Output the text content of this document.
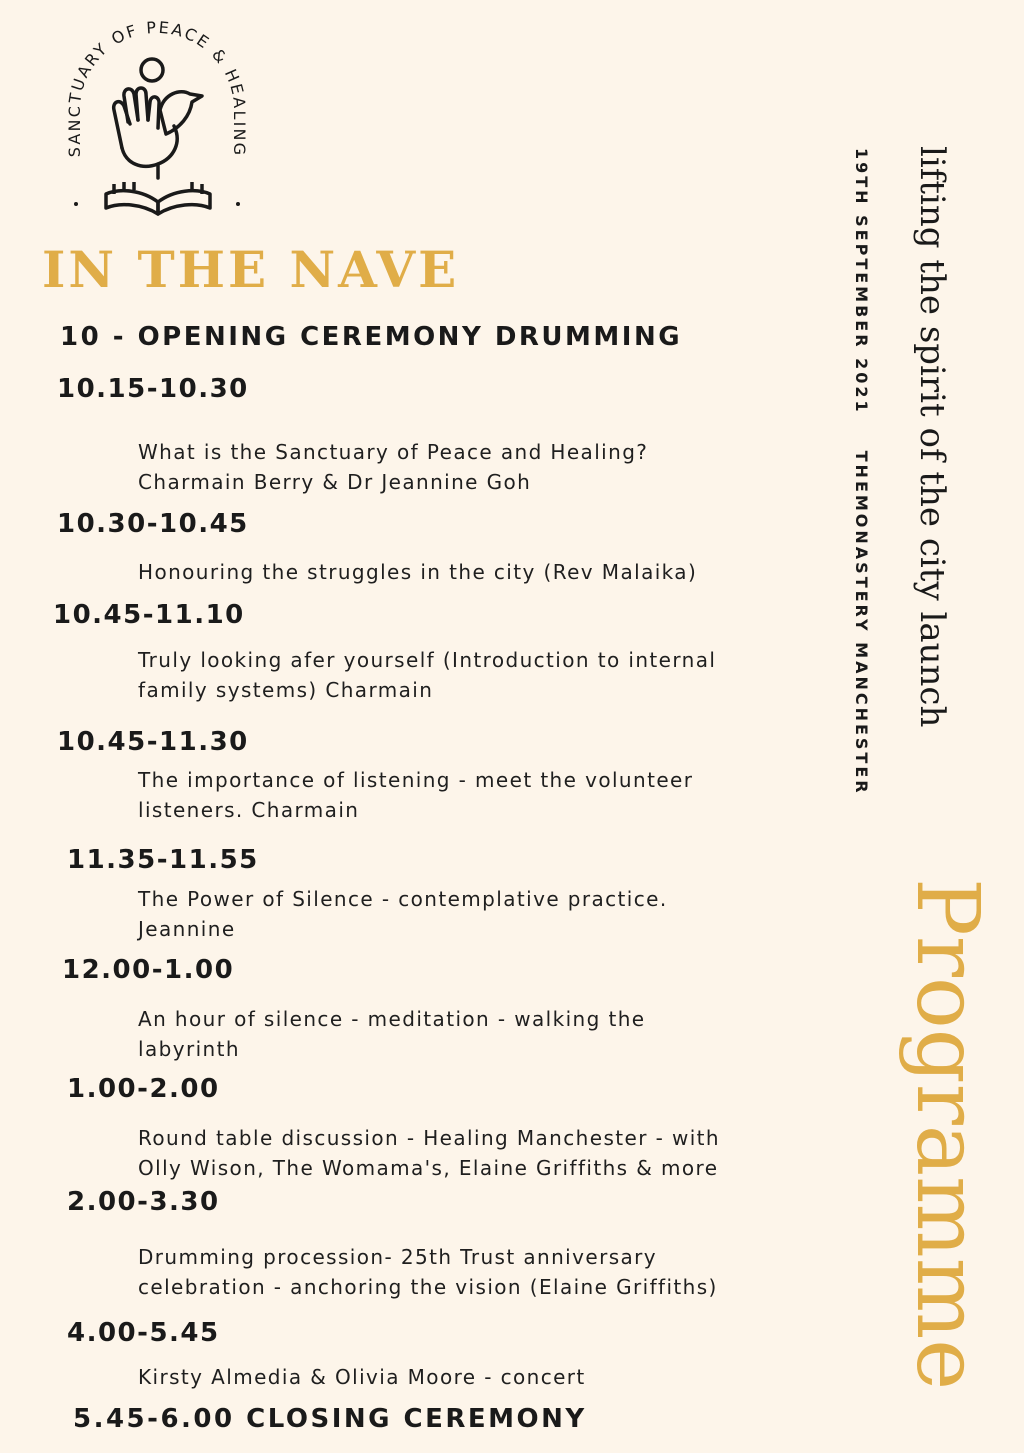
SANCTUARY OF PEACE & HEALING
IN THE NAVE
10 - OPENING CEREMONY DRUMMING
10.15-10.30
What is the Sanctuary of Peace and Healing?
Charmain Berry & Dr Jeannine Goh
10.30-10.45
Honouring the struggles in the city (Rev Malaika)
10.45-11.10
Truly looking afer yourself (Introduction to internal
family systems) Charmain
10.45-11.30
The importance of listening - meet the volunteer
listeners. Charmain
11.35-11.55
The Power of Silence - contemplative practice.
Jeannine
12.00-1.00
An hour of silence - meditation - walking the
labyrinth
1.00-2.00
Round table discussion - Healing Manchester - with
Olly Wison, The Womama's, Elaine Griffiths & more
2.00-3.30
Drumming procession- 25th Trust anniversary
celebration - anchoring the vision (Elaine Griffiths)
4.00-5.45
Kirsty Almedia & Olivia Moore - concert
5.45-6.00 CLOSING CEREMONY
19TH SEPTEMBER 2021THEMONASTERY MANCHESTER lifting the spirit of the city launch
Programme
